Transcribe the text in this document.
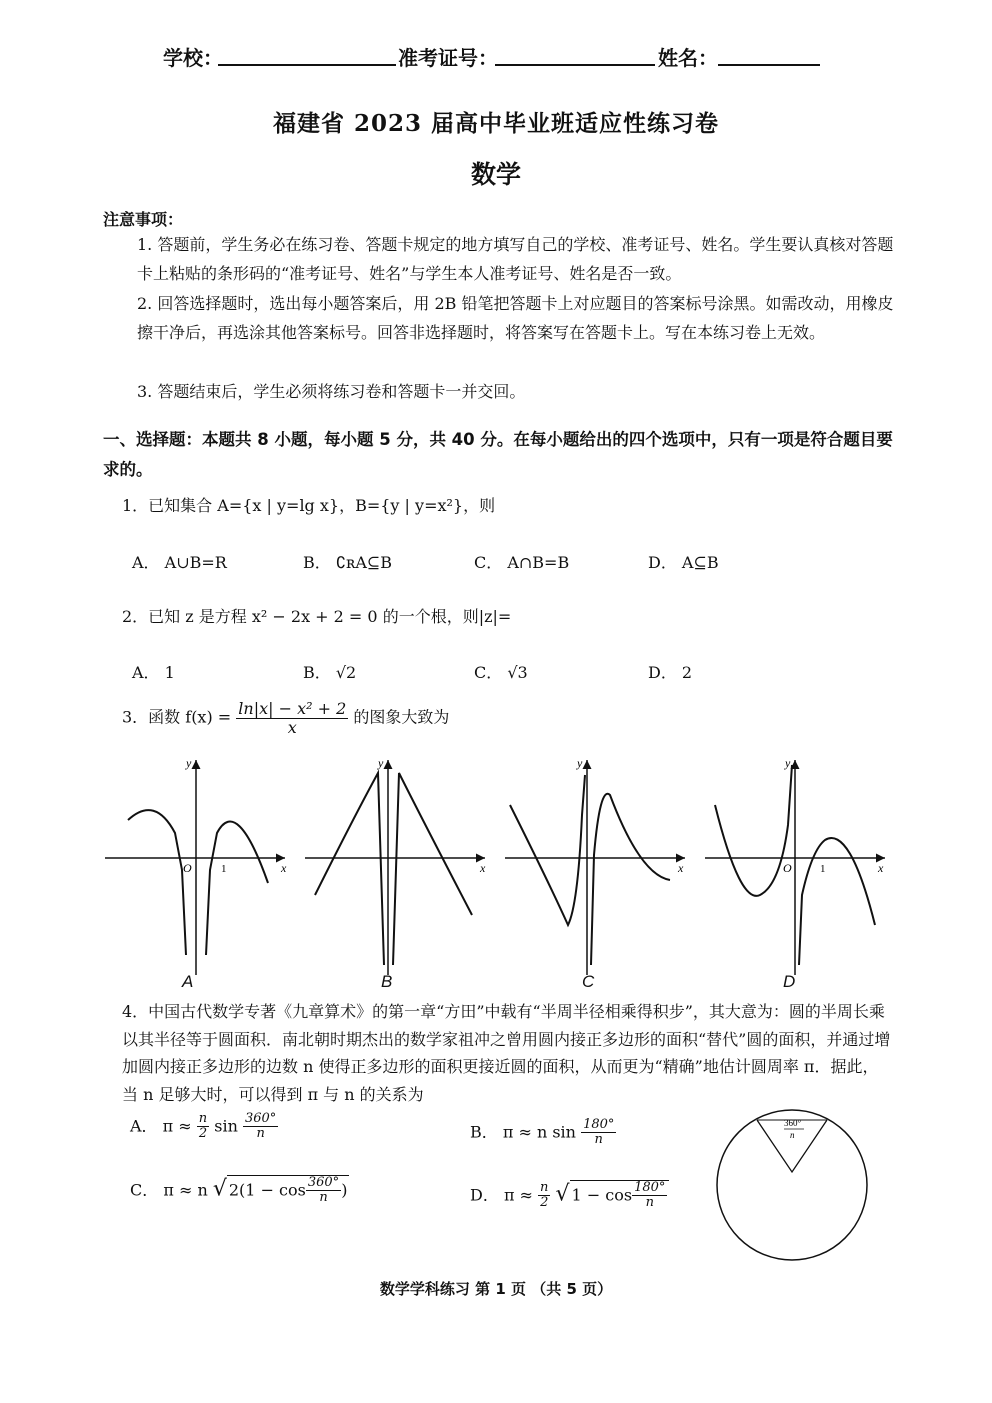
学校：	准考证号：	姓名：
福建省 2023 届高中毕业班适应性练习卷
数学
注意事项：
1. 答题前，学生务必在练习卷、答题卡规定的地方填写自己的学校、准考证号、姓名。学生要认真核对答题卡上粘贴的条形码的“准考证号、姓名”与学生本人准考证号、姓名是否一致。
2. 回答选择题时，选出每小题答案后，用 2B 铅笔把答题卡上对应题目的答案标号涂黑。如需改动，用橡皮擦干净后，再选涂其他答案标号。回答非选择题时，将答案写在答题卡上。写在本练习卷上无效。
3. 答题结束后，学生必须将练习卷和答题卡一并交回。
一、选择题：本题共 8 小题，每小题 5 分，共 40 分。在每小题给出的四个选项中，只有一项是符合题目要求的。
1．已知集合 A={x | y=lg x}，B={y | y=x²}，则
A． A∪B=R	B． ∁ʀA⊆B	C． A∩B=B	D． A⊆B
2．已知 z 是方程 x² − 2x + 2 = 0 的一个根，则|z|=
A． 1	B． √2	C． √3	D． 2
3．函数 $f(x) = \frac{\text{ln|x| − x² + 2}}{x}$ 的图象大致为
y
x
O	1
y
x
y
x
y
x
O	1
A	B	C	D
4．中国古代数学专著《九章算术》的第一章“方田”中载有“半周半径相乘得积步”，其大意为：圆的半周长乘以其半径等于圆面积．南北朝时期杰出的数学家祖冲之曾用圆内接正多边形的面积“替代”圆的面积，并通过增加圆内接正多边形的边数 n 使得正多边形的面积更接近圆的面积，从而更为“精确”地估计圆周率 π．据此，当 n 足够大时，可以得到 π 与 n 的关系为
A． $\pi \approx \frac{n}{2}$ $\sin \frac{360^\circ}{n}$	B． π ≈ n $\sin \frac{180^\circ}{n}$
C． π ≈ n √ $2(1 - \cos \frac{360^\circ}{n}$ )	D． $\pi \approx \frac{n}{2}$ √ $1 - \cos \frac{180^\circ}{n}$
360°
n
数学学科练习 第 1 页 （共 5 页）
